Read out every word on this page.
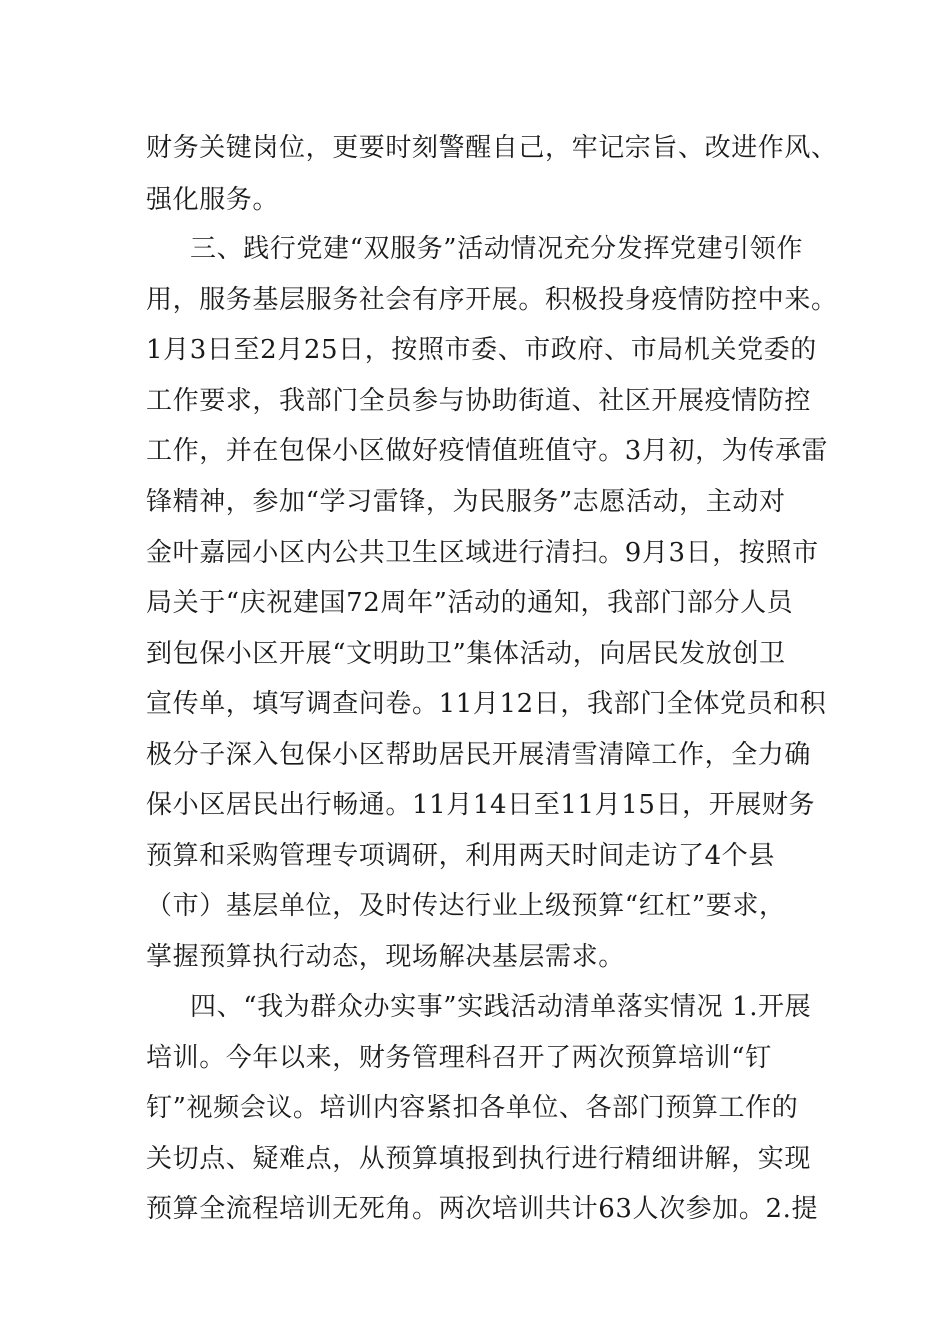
财务关键岗位，更要时刻警醒自己，牢记宗旨、改进作风、
强化服务。
三、践行党建“双服务”活动情况充分发挥党建引领作
用，服务基层服务社会有序开展。积极投身疫情防控中来。
1月3日至2月25日，按照市委、市政府、市局机关党委的
工作要求，我部门全员参与协助街道、社区开展疫情防控
工作，并在包保小区做好疫情值班值守。3月初，为传承雷
锋精神，参加“学习雷锋，为民服务”志愿活动，主动对
金叶嘉园小区内公共卫生区域进行清扫。9月3日，按照市
局关于“庆祝建国72周年”活动的通知，我部门部分人员
到包保小区开展“文明助卫”集体活动，向居民发放创卫
宣传单，填写调查问卷。11月12日，我部门全体党员和积
极分子深入包保小区帮助居民开展清雪清障工作，全力确
保小区居民出行畅通。11月14日至11月15日，开展财务
预算和采购管理专项调研，利用两天时间走访了4个县
（市）基层单位，及时传达行业上级预算“红杠”要求，
掌握预算执行动态，现场解决基层需求。
四、“我为群众办实事”实践活动清单落实情况 1.开展
培训。今年以来，财务管理科召开了两次预算培训“钉
钉”视频会议。培训内容紧扣各单位、各部门预算工作的
关切点、疑难点，从预算填报到执行进行精细讲解，实现
预算全流程培训无死角。两次培训共计63人次参加。2.提
